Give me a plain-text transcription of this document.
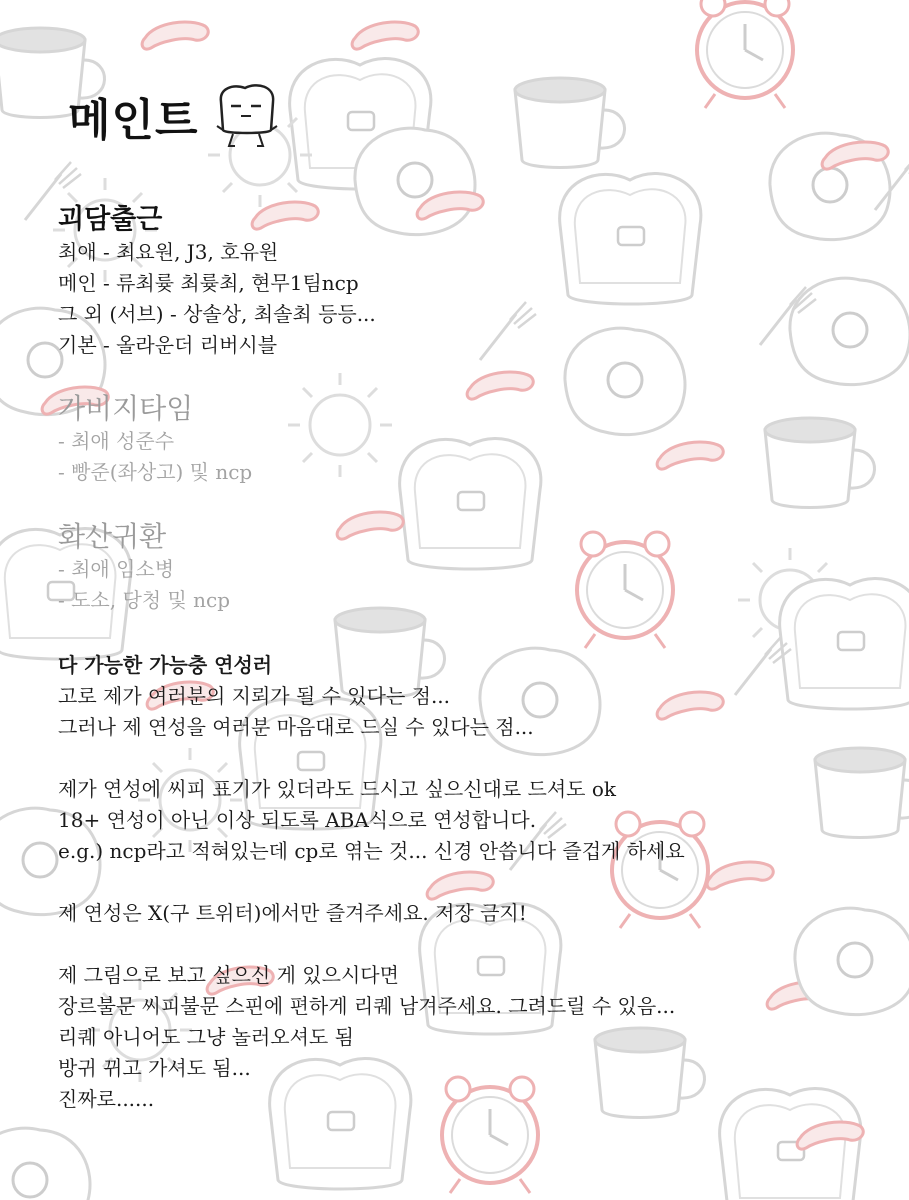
메인트
괴담출근
최애 - 최요원, J3, 호유원
메인 - 류최륮 최륮최, 현무1팀ncp
그 외 (서브) - 상솔상, 최솔최 등등...
기본 - 올라운더 리버시블
가비지타임
- 최애 성준수
- 빵준(좌상고) 및 ncp
화산귀환
- 최애 임소병
- 도소, 당청 및 ncp
다 가능한 가능충 연성러
고로 제가 여러분의 지뢰가 될 수 있다는 점...
그러나 제 연성을 여러분 마음대로 드실 수 있다는 점...

제가 연성에 씨피 표기가 있더라도 드시고 싶으신대로 드셔도 ok
18+ 연성이 아닌 이상 되도록 ABA식으로 연성합니다.
e.g.) ncp라고 적혀있는데 cp로 엮는 것... 신경 안씁니다 즐겁게 하세요

제 연성은 X(구 트위터)에서만 즐겨주세요. 저장 금지!

제 그림으로 보고 싶으신 게 있으시다면
장르불문 씨피불문 스핀에 편하게 리퀘 남겨주세요. 그려드릴 수 있음...
리퀘 아니어도 그냥 놀러오셔도 됨
방귀 뀌고 가셔도 됨...
진짜로......
